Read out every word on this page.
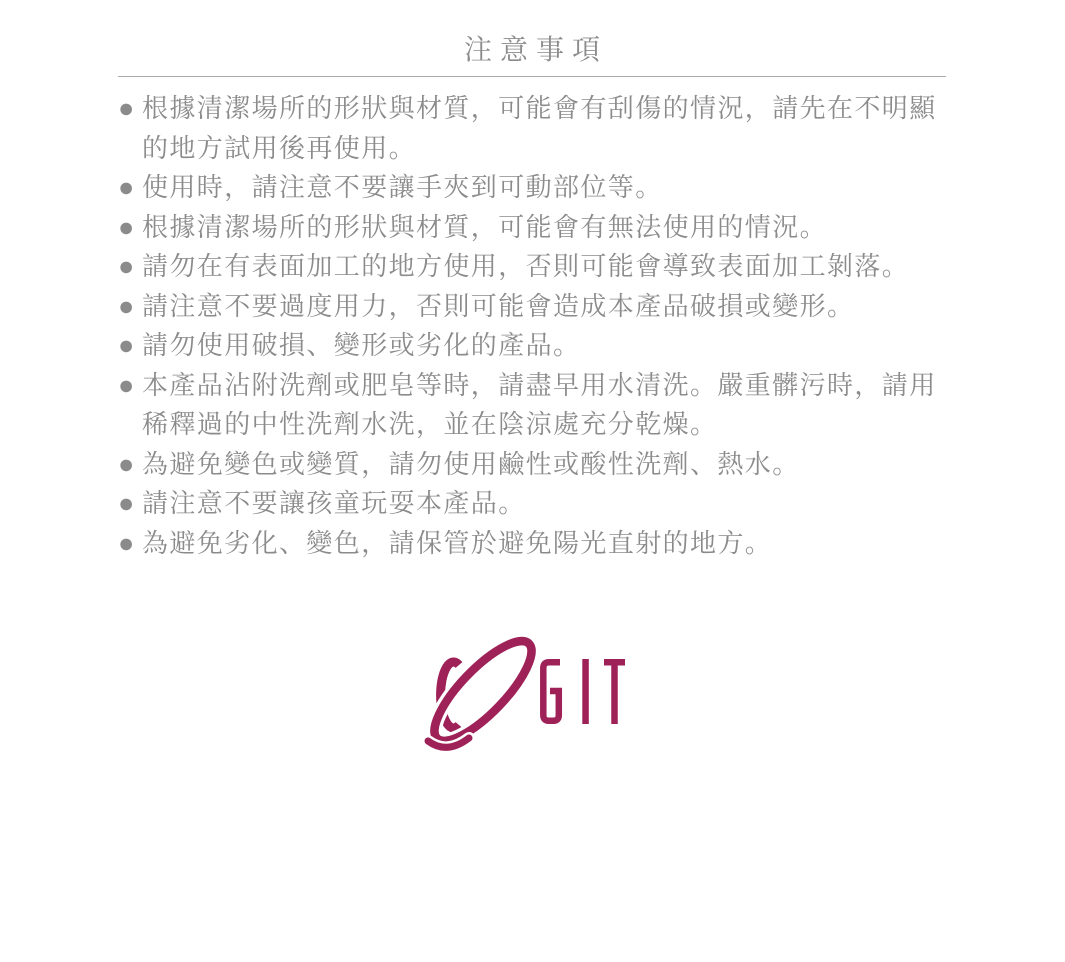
注意事項
● 根據清潔場所的形狀與材質，可能會有刮傷的情況，請先在不明顯的地方試用後再使用。
● 使用時，請注意不要讓手夾到可動部位等。
● 根據清潔場所的形狀與材質，可能會有無法使用的情況。
● 請勿在有表面加工的地方使用，否則可能會導致表面加工剝落。
● 請注意不要過度用力，否則可能會造成本產品破損或變形。
● 請勿使用破損、變形或劣化的產品。
● 本產品沾附洗劑或肥皂等時，請盡早用水清洗。嚴重髒污時，請用稀釋過的中性洗劑水洗，並在陰涼處充分乾燥。
● 為避免變色或變質，請勿使用鹼性或酸性洗劑、熱水。
● 請注意不要讓孩童玩耍本產品。
● 為避免劣化、變色，請保管於避免陽光直射的地方。
